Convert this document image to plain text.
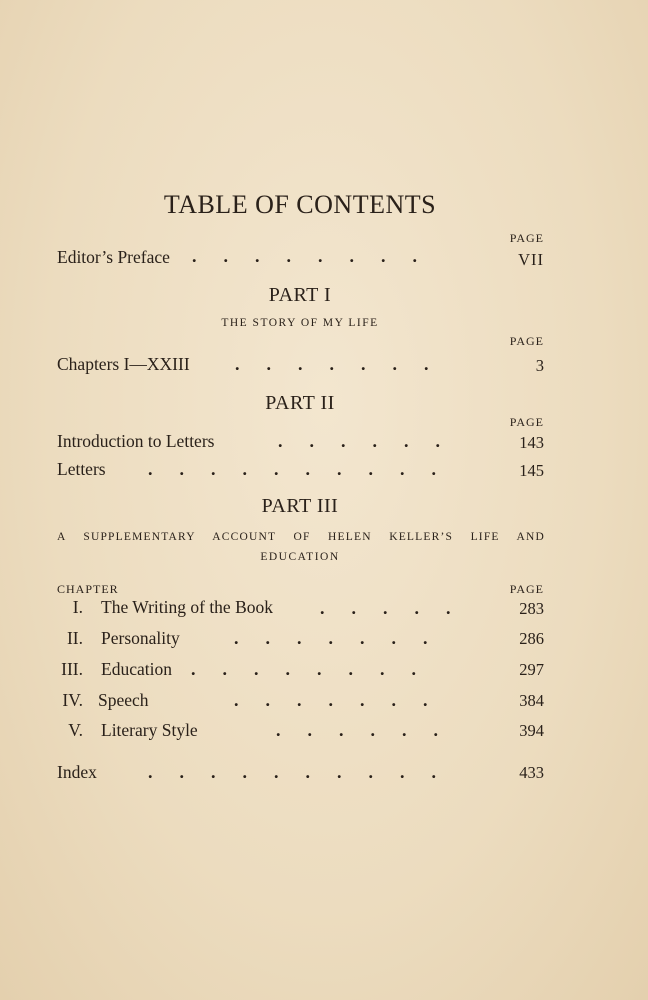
TABLE OF CONTENTS
PAGE
Editor’s Preface .      .      .      .      .      .      .      .	VII
PART I
THE STORY OF MY LIFE
PAGE
Chapters I—XXIII	.      .      .      .      .      .      .	3
PART II
PAGE
Introduction to Letters	.      .      .      .      .      .	143
Letters .      .      .      .      .      .      .      .      .      .	145
PART III
A SUPPLEMENTARY ACCOUNT OF HELEN KELLER’S LIFE AND
EDUCATION
CHAPTER	PAGE
I. The Writing of the Book	.      .      .      .      .	283
II. Personality	.      .      .      .      .      .      .	286
III. Education .      .      .      .      .      .      .      .	297
IV. Speech	.      .      .      .      .      .      .	384
V. Literary Style	.      .      .      .      .      .	394
Index	.      .      .      .      .      .      .      .      .      .	433
